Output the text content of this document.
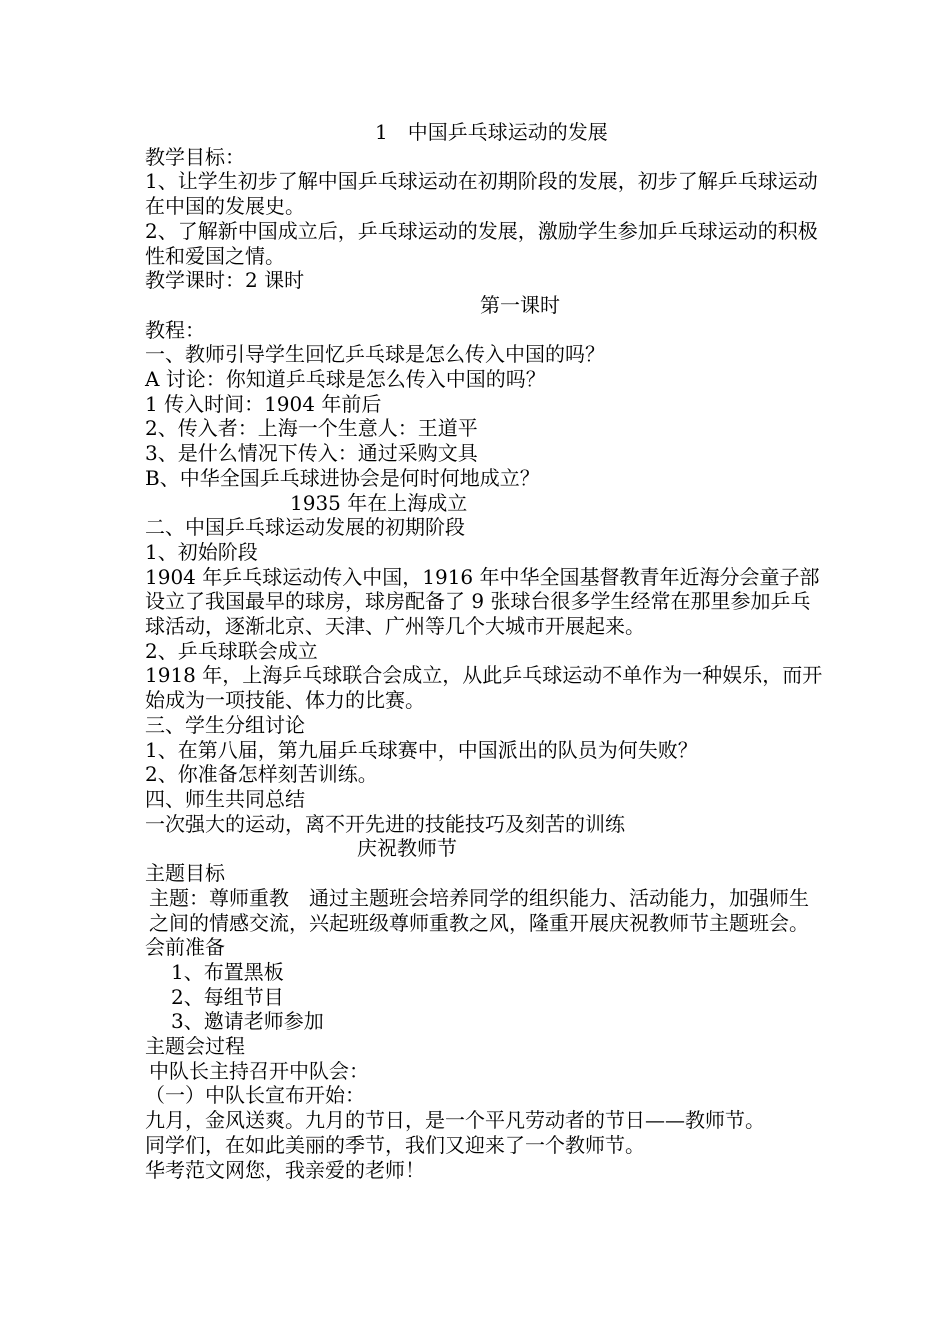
1　中国乒乓球运动的发展
教学目标：
1、让学生初步了解中国乒乓球运动在初期阶段的发展，初步了解乒乓球运动在中国的发展史。
2、了解新中国成立后，乒乓球运动的发展，激励学生参加乒乓球运动的积极性和爱国之情。
教学课时：2 课时
第一课时
教程：
一、教师引导学生回忆乒乓球是怎么传入中国的吗？
A 讨论：你知道乒乓球是怎么传入中国的吗？
1 传入时间：1904 年前后
2、传入者：上海一个生意人：王道平
3、是什么情况下传入：通过采购文具
B、中华全国乒乓球进协会是何时何地成立？
1935 年在上海成立
二、中国乒乓球运动发展的初期阶段
1、初始阶段
1904 年乒乓球运动传入中国，1916 年中华全国基督教青年近海分会童子部设立了我国最早的球房，球房配备了 9 张球台很多学生经常在那里参加乒乓球活动，逐渐北京、天津、广州等几个大城市开展起来。
2、乒乓球联会成立
1918 年，上海乒乓球联合会成立，从此乒乓球运动不单作为一种娱乐，而开始成为一项技能、体力的比赛。
三、学生分组讨论
1、在第八届，第九届乒乓球赛中，中国派出的队员为何失败？
2、你准备怎样刻苦训练。
四、师生共同总结
一次强大的运动，离不开先进的技能技巧及刻苦的训练
庆祝教师节
主题目标
主题：尊师重教　通过主题班会培养同学的组织能力、活动能力，加强师生之间的情感交流，兴起班级尊师重教之风，隆重开展庆祝教师节主题班会。
会前准备
1、布置黑板
2、每组节目
3、邀请老师参加
主题会过程
中队长主持召开中队会：
（一）中队长宣布开始：
九月，金风送爽。九月的节日，是一个平凡劳动者的节日——教师节。
同学们，在如此美丽的季节，我们又迎来了一个教师节。
华考范文网您，我亲爱的老师！
